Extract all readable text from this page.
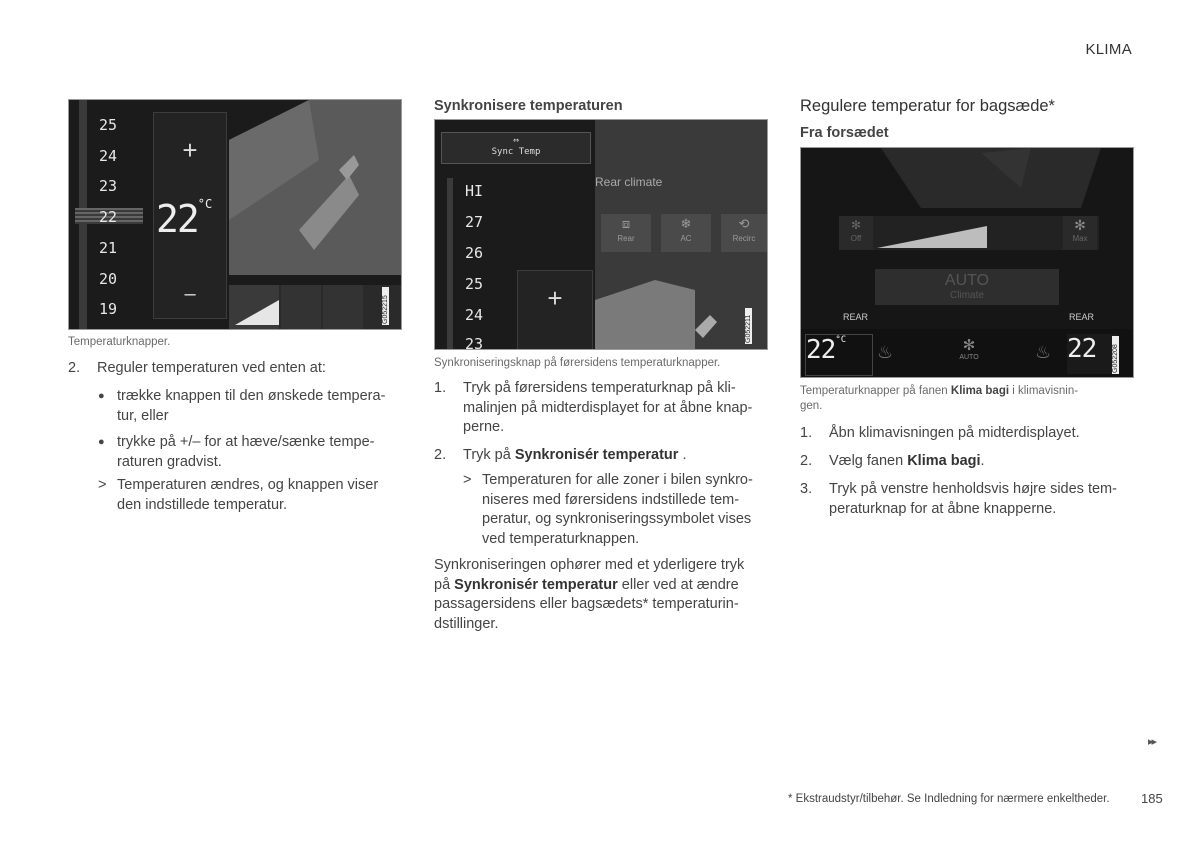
KLIMA
25
24
23
22
21
20
19
+
$22^{^\circ C}$
–
G052215
Temperaturknapper.
2. Reguler temperaturen ved enten at:
● trække knappen til den ønskede tempera-
tur, eller
● trykke på +/– for at hæve/sænke tempe-
raturen gradvist.
> Temperaturen ændres, og knappen viser
den indstillede temperatur.
Synkronisere temperaturen
⇔
Sync Temp
Rear climate
⧈
Rear
❄
AC
⟲
Recirc
HI
27
26
25
24
23
+
G052211
Synkroniseringsknap på førersidens temperaturknapper.
1. Tryk på førersidens temperaturknap på kli-
malinjen på midterdisplayet for at åbne knap-
perne.
2. Tryk på Synkronisér temperatur .
> Temperaturen for alle zoner i bilen synkro-
niseres med førersidens indstillede tem-
peratur, og synkroniseringssymbolet vises
ved temperaturknappen.
Synkroniseringen ophører med et yderligere tryk
på Synkronisér temperatur eller ved at ændre
passagersidens eller bagsædets* temperaturin-
dstillinger.
Regulere temperatur for bagsæde*
Fra forsædet
✻
Off
✻
Max
AUTO
Climate
REAR	REAR
$22^{^\circ C}$
♨	✻
AUTO	♨ 22	G052208
Temperaturknapper på fanen Klima bagi i klimavisnin-
gen.
1. Åbn klimavisningen på midterdisplayet.
2. Vælg fanen Klima bagi.
3. Tryk på venstre henholdsvis højre sides tem-
peraturknap for at åbne knapperne.
▸▸
* Ekstraudstyr/tilbehør. Se Indledning for nærmere enkeltheder. 185
